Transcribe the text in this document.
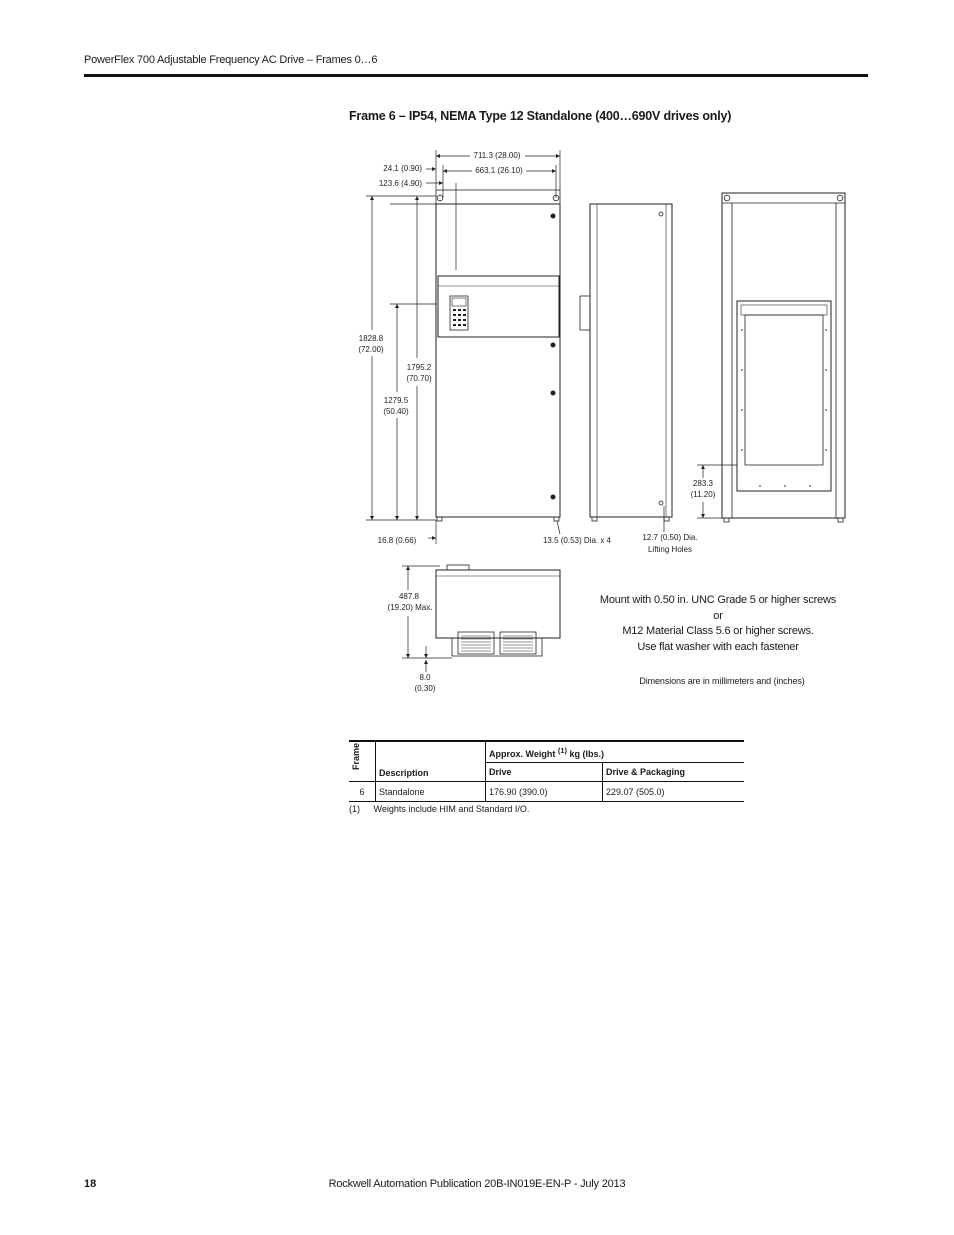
PowerFlex 700 Adjustable Frequency AC Drive – Frames 0…6
Frame 6 – IP54, NEMA Type 12 Standalone (400…690V drives only)
711.3 (28.00)
663.1 (26.10)
24.1 (0.90)
123.6 (4.90)
1828.8
(72.00)
1795.2
(70.70)
1279.5
(50.40)
16.8 (0.66)	13.5 (0.53) Dia. x 4	12.7 (0.50) Dia.
Lifting Holes
283.3
(11.20)
487.8
(19.20) Max.
8.0
(0.30)
Mount with 0.50 in. UNC Grade 5 or higher screws
or
M12 Material Class 5.6 or higher screws.
Use flat washer with each fastener
Dimensions are in millimeters and (inches)
Frame	Description	Approx. Weight $^{(1)}$ kg (lbs.)	
		Drive	Drive & Packaging
6	Standalone	176.90 (390.0)	229.07 (505.0)
(1) Weights include HIM and Standard I/O.
18	Rockwell Automation Publication 20B-IN019E-EN-P - July 2013
